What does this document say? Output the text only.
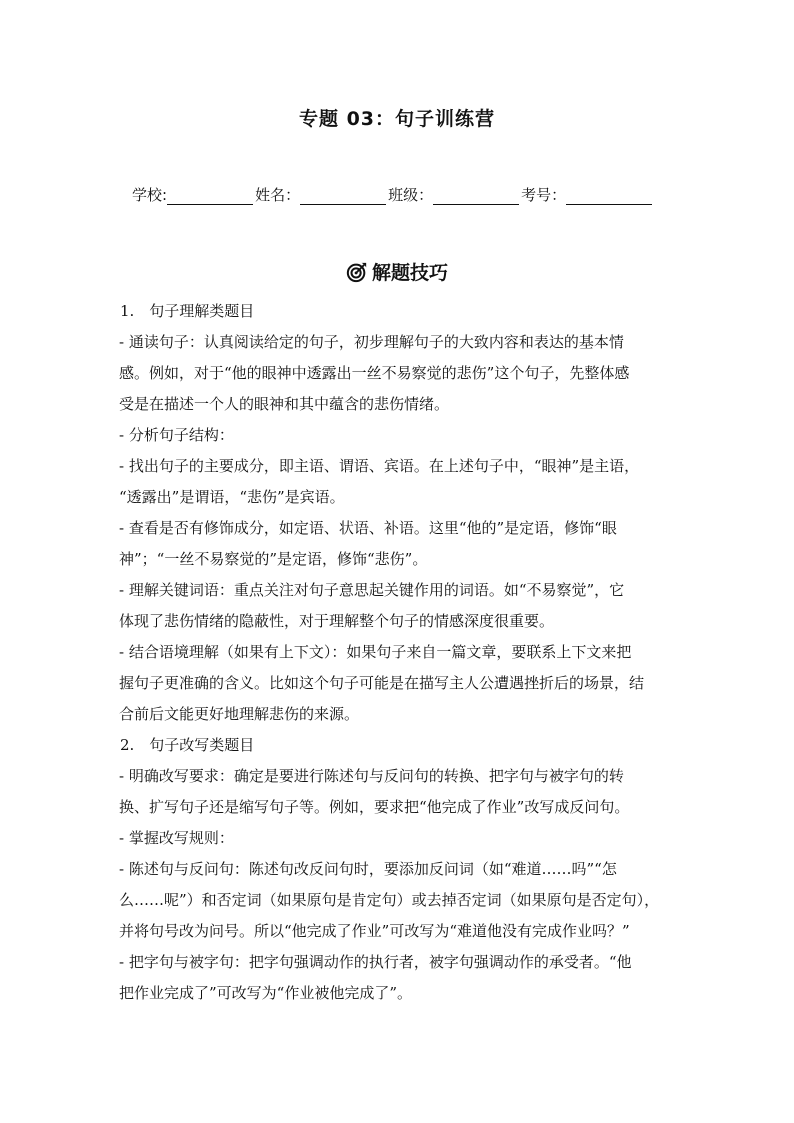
专题 03：句子训练营
学校:	姓名：	班级：	考号：
解题技巧
1.　句子理解类题目
- 通读句子：认真阅读给定的句子，初步理解句子的大致内容和表达的基本情
感。例如，对于“他的眼神中透露出一丝不易察觉的悲伤”这个句子，先整体感
受是在描述一个人的眼神和其中蕴含的悲伤情绪。
- 分析句子结构：
- 找出句子的主要成分，即主语、谓语、宾语。在上述句子中，“眼神”是主语，
“透露出”是谓语，“悲伤”是宾语。
- 查看是否有修饰成分，如定语、状语、补语。这里“他的”是定语，修饰“眼
神”；“一丝不易察觉的”是定语，修饰“悲伤”。
- 理解关键词语：重点关注对句子意思起关键作用的词语。如“不易察觉”，它
体现了悲伤情绪的隐蔽性，对于理解整个句子的情感深度很重要。
- 结合语境理解（如果有上下文）：如果句子来自一篇文章，要联系上下文来把
握句子更准确的含义。比如这个句子可能是在描写主人公遭遇挫折后的场景，结
合前后文能更好地理解悲伤的来源。
2.　句子改写类题目
- 明确改写要求：确定是要进行陈述句与反问句的转换、把字句与被字句的转
换、扩写句子还是缩写句子等。例如，要求把“他完成了作业”改写成反问句。
- 掌握改写规则：
- 陈述句与反问句：陈述句改反问句时，要添加反问词（如“难道……吗”“怎
么……呢”）和否定词（如果原句是肯定句）或去掉否定词（如果原句是否定句），
并将句号改为问号。所以“他完成了作业”可改写为“难道他没有完成作业吗？”
- 把字句与被字句：把字句强调动作的执行者，被字句强调动作的承受者。“他
把作业完成了”可改写为“作业被他完成了”。
